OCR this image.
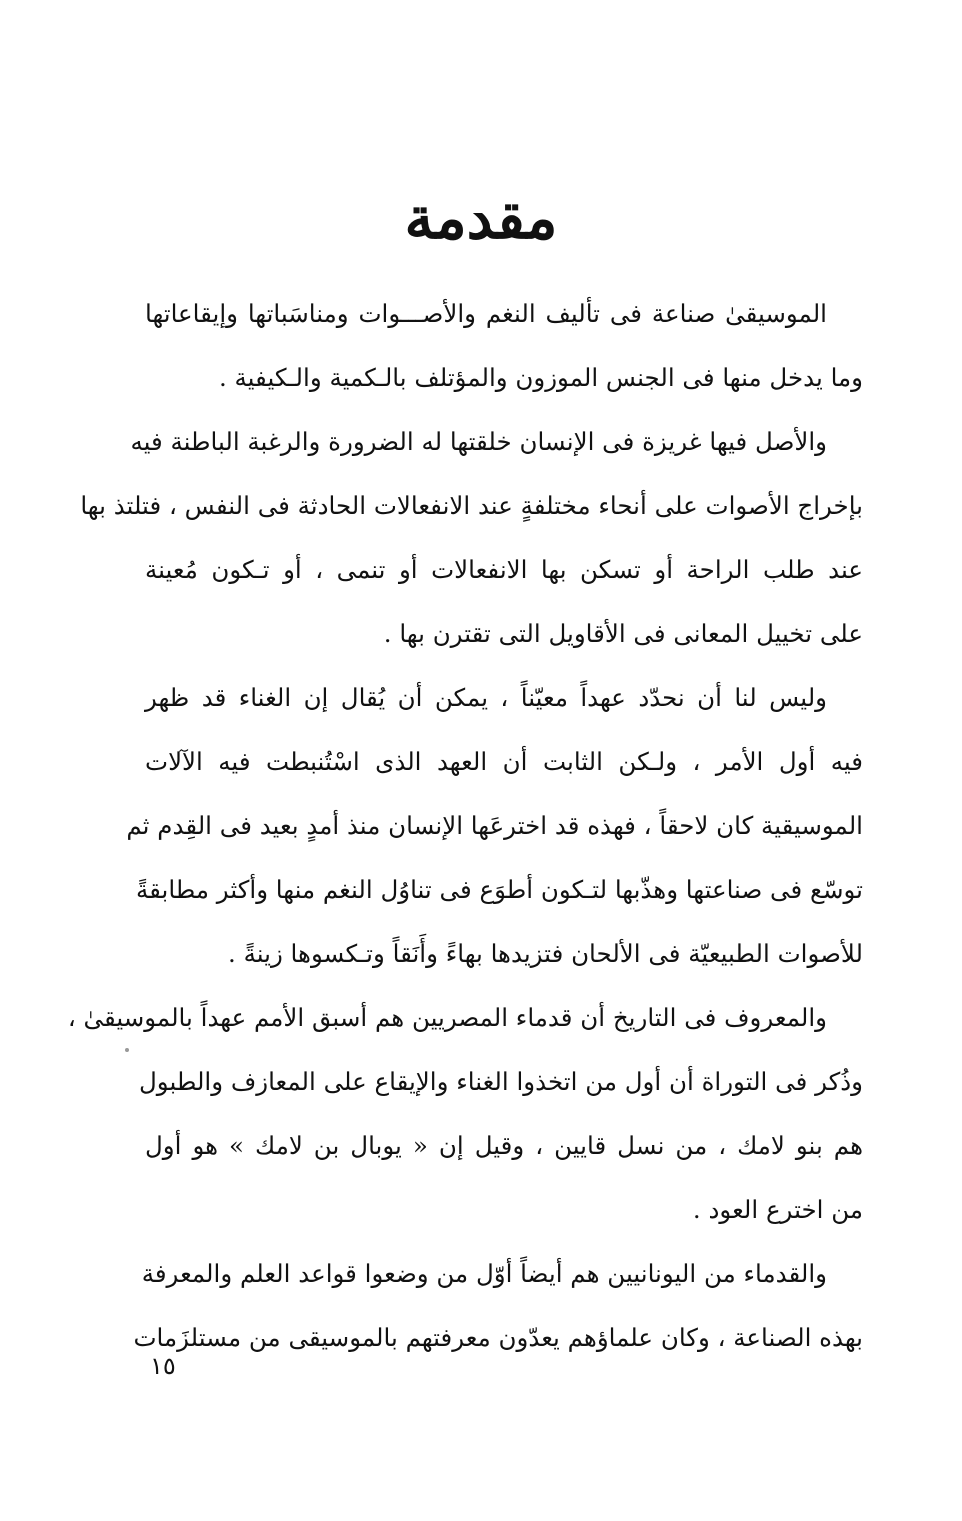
مقدمة
الموسيقىٰ صناعة فى تأليف النغم والأصـــوات ومناسَباتها وإيقاعاتها
وما يدخل منها فى الجنس الموزون والمؤتلف بالـكمية والـكيفية .
والأصل فيها غريزة فى الإنسان خلقتها له الضرورة والرغبة الباطنة فيه
بإخراج الأصوات على أنحاء مختلفةٍ عند الانفعالات الحادثة فى النفس ، فتلتذ بها
عند طلب الراحة أو تسكن بها الانفعالات أو تنمى ، أو تـكون مُعينة
على تخييل المعانى فى الأقاويل التى تقترن بها .
وليس لنا أن نحدّد عهداً معيّناً ، يمكن أن يُقال إن الغناء قد ظهر
فيه أول الأمر ، ولـكن الثابت أن العهد الذى اسْتُنبطت فيه الآلات
الموسيقية كان لاحقاً ، فهذه قد اخترعَها الإنسان منذ أمدٍ بعيد فى القِدم ثم
توسّع فى صناعتها وهذّبها لتـكون أطوَع فى تناوُل النغم منها وأكثر مطابقةً
للأصوات الطبيعيّة فى الألحان فتزيدها بهاءً وأَنَقاً وتـكسوها زينةً .
والمعروف فى التاريخ أن قدماء المصريين هم أسبق الأمم عهداً بالموسيقىٰ ،
وذُكر فى التوراة أن أول من اتخذوا الغناء والإيقاع على المعازف والطبول
هم بنو لامك ، من نسل قايين ، وقيل إن « يوبال بن لامك » هو أول
من اخترع العود .
والقدماء من اليونانيين هم أيضاً أوّل من وضعوا قواعد العلم والمعرفة
بهذه الصناعة ، وكان علماؤهم يعدّون معرفتهم بالموسيقى من مستلزَمات
١٥
